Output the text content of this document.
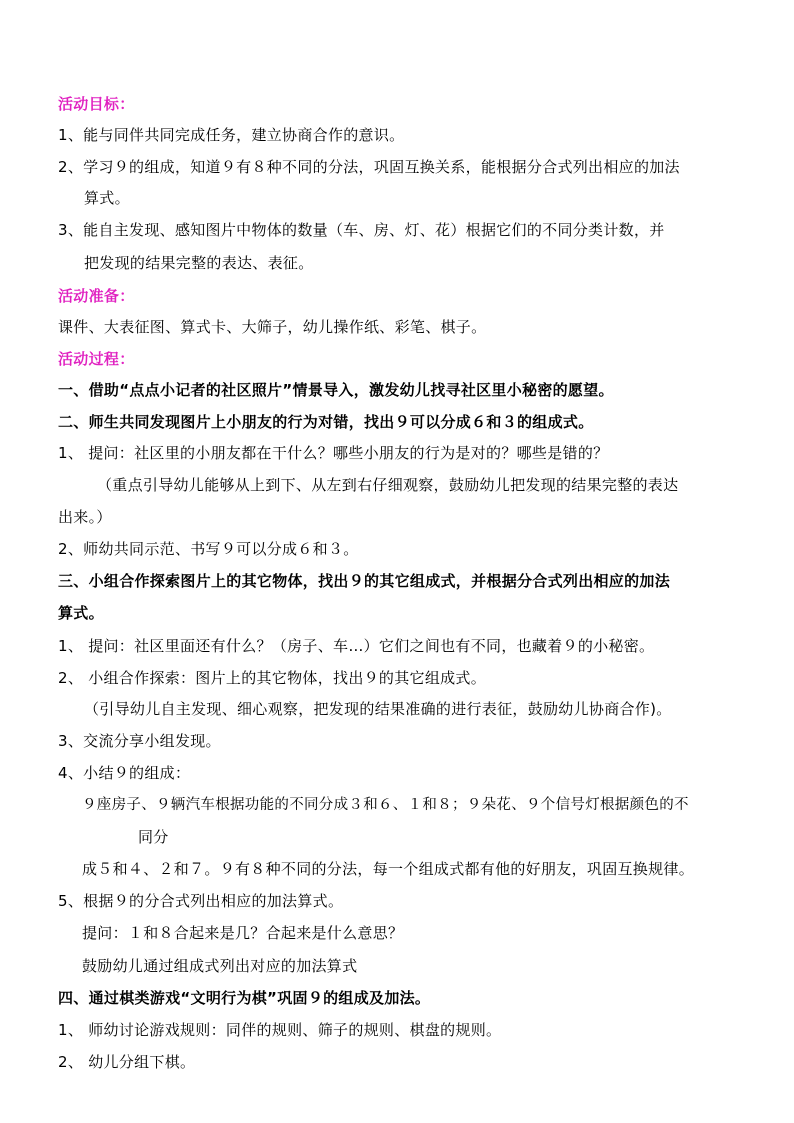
活动目标：
1、能与同伴共同完成任务，建立协商合作的意识。
2、学习９的组成，知道９有８种不同的分法，巩固互换关系，能根据分合式列出相应的加法
算式。
3、能自主发现、感知图片中物体的数量（车、房、灯、花）根据它们的不同分类计数，并
把发现的结果完整的表达、表征。
活动准备：
课件、大表征图、算式卡、大筛子，幼儿操作纸、彩笔、棋子。
活动过程：
一、借助“点点小记者的社区照片”情景导入，激发幼儿找寻社区里小秘密的愿望。
二、师生共同发现图片上小朋友的行为对错，找出９可以分成６和３的组成式。
1、 提问：社区里的小朋友都在干什么？哪些小朋友的行为是对的？哪些是错的？
（重点引导幼儿能够从上到下、从左到右仔细观察，鼓励幼儿把发现的结果完整的表达
出来。）
2、师幼共同示范、书写９可以分成６和３。
三、小组合作探索图片上的其它物体，找出９的其它组成式，并根据分合式列出相应的加法
算式。
1、 提问：社区里面还有什么？（房子、车…）它们之间也有不同，也藏着９的小秘密。
2、 小组合作探索：图片上的其它物体，找出９的其它组成式。
（引导幼儿自主发现、细心观察，把发现的结果准确的进行表征，鼓励幼儿协商合作)。
3、交流分享小组发现。
4、小结９的组成：
９座房子、９辆汽车根据功能的不同分成３和６、１和８；９朵花、９个信号灯根据颜色的不
同分
成５和４、２和７。９有８种不同的分法，每一个组成式都有他的好朋友，巩固互换规律。
5、根据９的分合式列出相应的加法算式。
提问：１和８合起来是几？合起来是什么意思？
鼓励幼儿通过组成式列出对应的加法算式
四、通过棋类游戏“文明行为棋”巩固９的组成及加法。
1、 师幼讨论游戏规则：同伴的规则、筛子的规则、棋盘的规则。
2、 幼儿分组下棋。
